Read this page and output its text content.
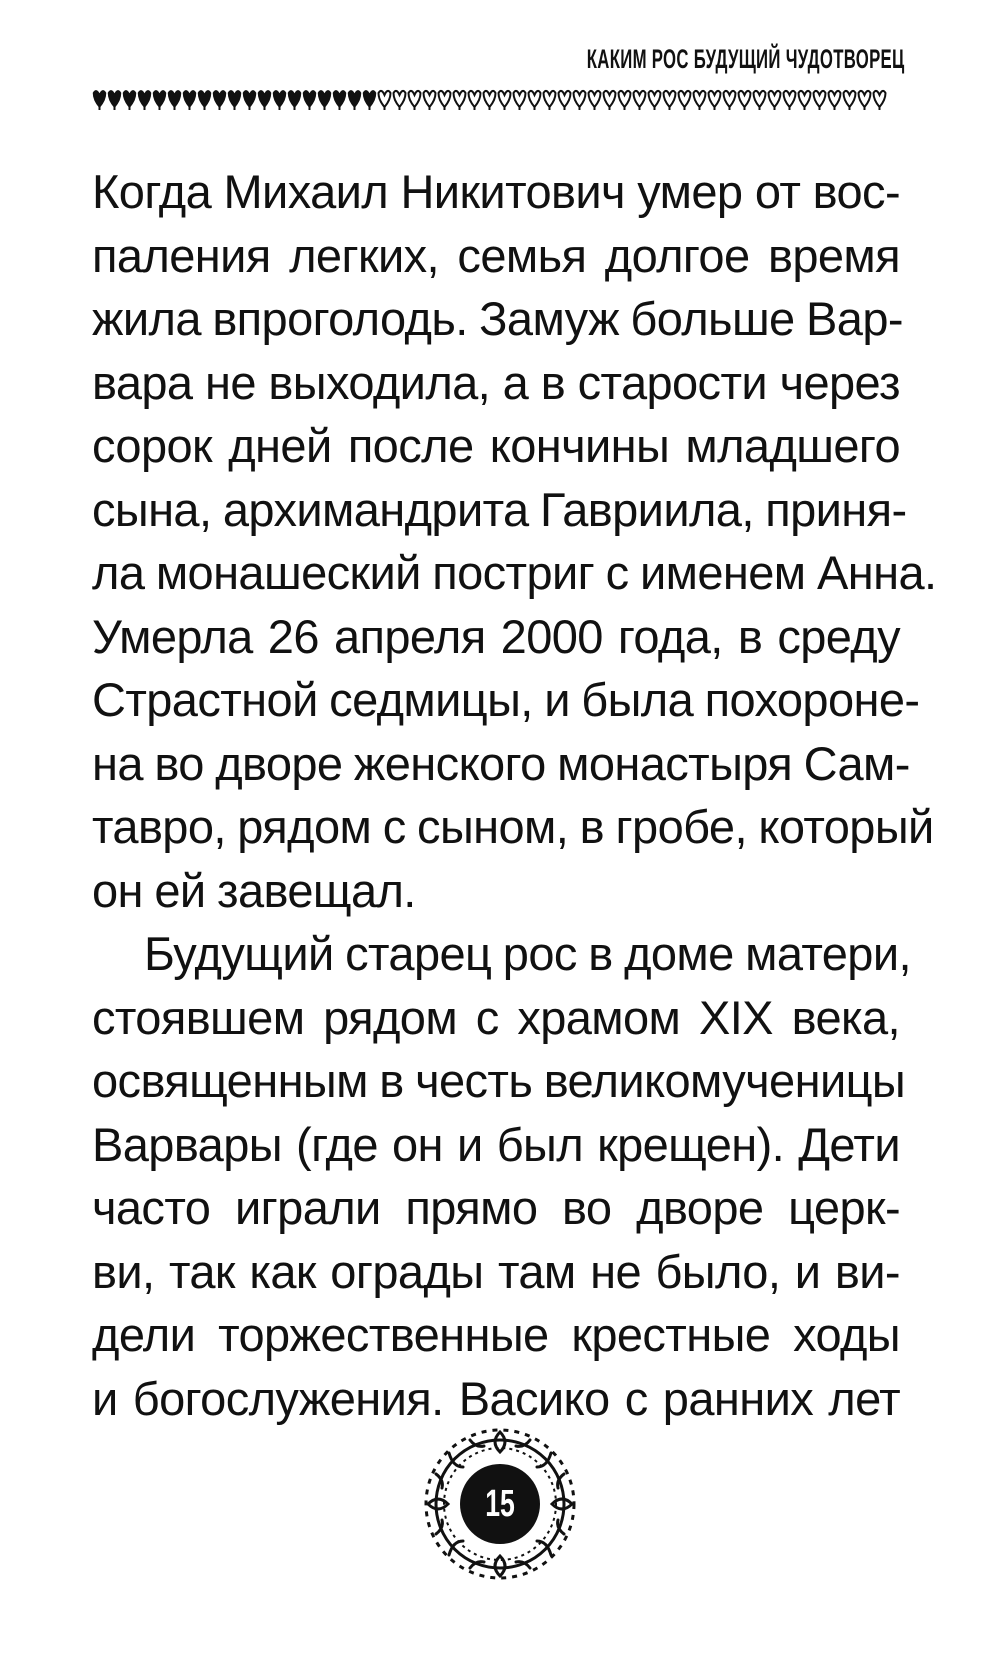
КАКИМ РОС БУДУЩИЙ ЧУДОТВОРЕЦ
Когда Михаил Никитович умер от вос-
паления легких, семья долгое время
жила впроголодь. Замуж больше Вар-
вара не выходила, а в старости через
сорок дней после кончины младшего
сына, архимандрита Гавриила, приня-
ла монашеский постриг с именем Анна.
Умерла 26 апреля 2000 года, в среду
Страстной седмицы, и была похороне-
на во дворе женского монастыря Сам-
тавро, рядом с сыном, в гробе, который
он ей завещал.
Будущий старец рос в доме матери,
стоявшем рядом с храмом XIX века,
освященным в честь великомученицы
Варвары (где он и был крещен). Дети
часто играли прямо во дворе церк-
ви, так как ограды там не было, и ви-
дели торжественные крестные ходы
и богослужения. Васико с ранних лет
15
